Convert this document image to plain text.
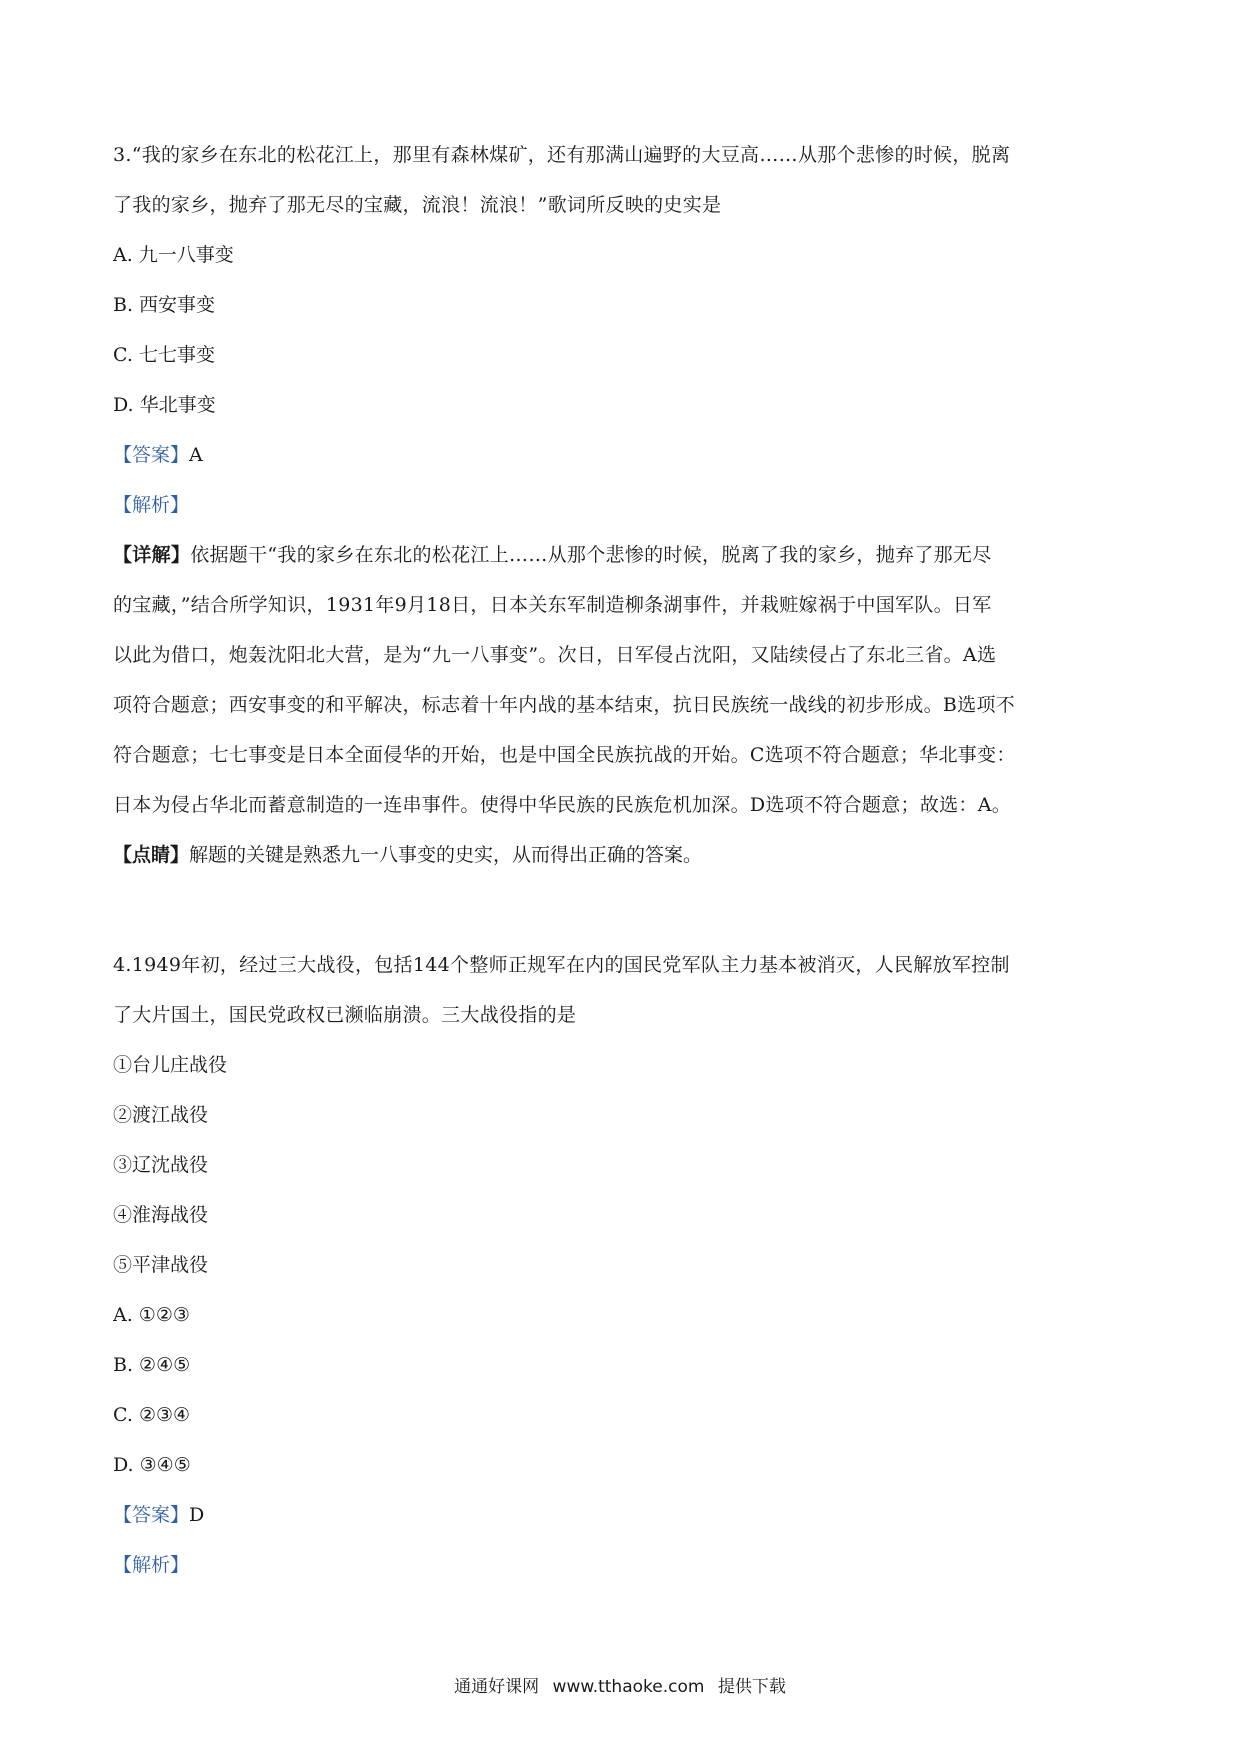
3.“我的家乡在东北的松花江上，那里有森林煤矿，还有那满山遍野的大豆高……从那个悲惨的时候，脱离
了我的家乡，抛弃了那无尽的宝藏，流浪！流浪！”歌词所反映的史实是
A. 九一八事变
B. 西安事变
C. 七七事变
D. 华北事变
【答案】A
【解析】
【详解】依据题干“我的家乡在东北的松花江上……从那个悲惨的时候，脱离了我的家乡，抛弃了那无尽
的宝藏，”结合所学知识，1931年9月18日，日本关东军制造柳条湖事件，并栽赃嫁祸于中国军队。日军
以此为借口，炮轰沈阳北大营，是为“九一八事变”。次日，日军侵占沈阳，又陆续侵占了东北三省。A选
项符合题意；西安事变的和平解决，标志着十年内战的基本结束，抗日民族统一战线的初步形成。B选项不
符合题意；七七事变是日本全面侵华的开始，也是中国全民族抗战的开始。C选项不符合题意；华北事变：
日本为侵占华北而蓄意制造的一连串事件。使得中华民族的民族危机加深。D选项不符合题意；故选：A。
【点睛】解题的关键是熟悉九一八事变的史实，从而得出正确的答案。
4.1949年初，经过三大战役，包括144个整师正规军在内的国民党军队主力基本被消灭，人民解放军控制
了大片国土，国民党政权已濒临崩溃。三大战役指的是
①台儿庄战役
②渡江战役
③辽沈战役
④淮海战役
⑤平津战役
A. ①②③
B. ②④⑤
C. ②③④
D. ③④⑤
【答案】D
【解析】
通通好课网 www.tthaoke.com 提供下载
